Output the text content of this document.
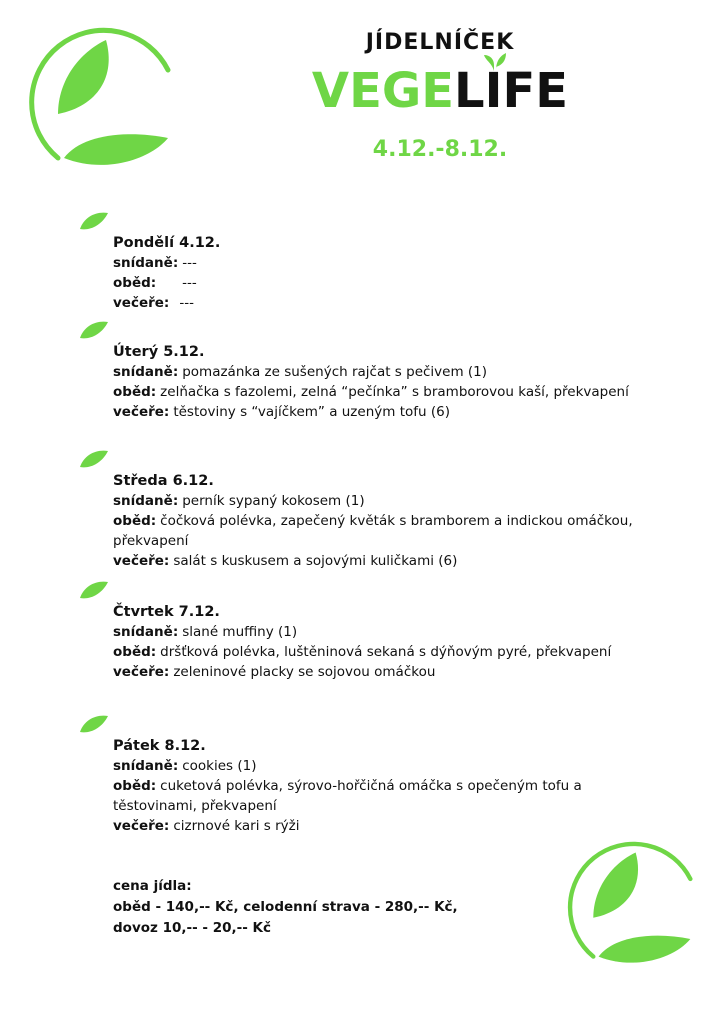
JÍDELNÍČEK
VEGELIFE
4.12.-8.12.
Pondělí 4.12.
snídaně: ---
oběd: ---
večeře: ---
Úterý 5.12.
snídaně: pomazánka ze sušených rajčat s pečivem (1)
oběd: zelňačka s fazolemi, zelná “pečínka” s bramborovou kaší, překvapení
večeře: těstoviny s “vajíčkem” a uzeným tofu (6)
Středa 6.12.
snídaně: perník sypaný kokosem (1)
oběd: čočková polévka, zapečený květák s bramborem a indickou omáčkou, překvapení
večeře: salát s kuskusem a sojovými kuličkami (6)
Čtvrtek 7.12.
snídaně: slané muffiny (1)
oběd: dršťková polévka, luštěninová sekaná s dýňovým pyré, překvapení
večeře: zeleninové placky se sojovou omáčkou
Pátek 8.12.
snídaně: cookies (1)
oběd: cuketová polévka, sýrovo-hořčičná omáčka s opečeným tofu a těstovinami, překvapení
večeře: cizrnové kari s rýži
cena jídla:
oběd - 140,-- Kč, celodenní strava - 280,-- Kč,
dovoz 10,-- - 20,-- Kč
